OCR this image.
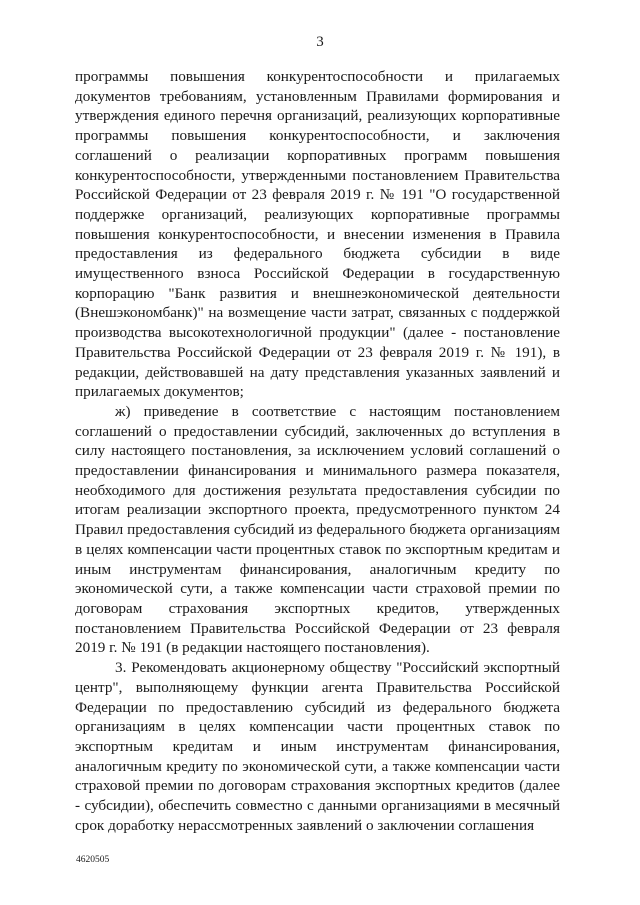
3

программы повышения конкурентоспособности и прилагаемых документов требованиям, установленным Правилами формирования и утверждения единого перечня организаций, реализующих корпоративные программы повышения конкурентоспособности, и заключения соглашений о реализации корпоративных программ повышения конкурентоспособности, утвержденными постановлением Правительства Российской Федерации от 23 февраля 2019 г. № 191 "О государственной поддержке организаций, реализующих корпоративные программы повышения конкурентоспособности, и внесении изменения в Правила предоставления из федерального бюджета субсидии в виде имущественного взноса Российской Федерации в государственную корпорацию "Банк развития и внешнеэкономической деятельности (Внешэкономбанк)" на возмещение части затрат, связанных с поддержкой производства высокотехнологичной продукции" (далее - постановление Правительства Российской Федерации от 23 февраля 2019 г. № 191), в редакции, действовавшей на дату представления указанных заявлений и прилагаемых документов;

ж) приведение в соответствие с настоящим постановлением соглашений о предоставлении субсидий, заключенных до вступления в силу настоящего постановления, за исключением условий соглашений о предоставлении финансирования и минимального размера показателя, необходимого для достижения результата предоставления субсидии по итогам реализации экспортного проекта, предусмотренного пунктом 24 Правил предоставления субсидий из федерального бюджета организациям в целях компенсации части процентных ставок по экспортным кредитам и иным инструментам финансирования, аналогичным кредиту по экономической сути, а также компенсации части страховой премии по договорам страхования экспортных кредитов, утвержденных постановлением Правительства Российской Федерации от 23 февраля 2019 г. № 191 (в редакции настоящего постановления).

3. Рекомендовать акционерному обществу "Российский экспортный центр", выполняющему функции агента Правительства Российской Федерации по предоставлению субсидий из федерального бюджета организациям в целях компенсации части процентных ставок по экспортным кредитам и иным инструментам финансирования, аналогичным кредиту по экономической сути, а также компенсации части страховой премии по договорам страхования экспортных кредитов (далее - субсидии), обеспечить совместно с данными организациями в месячный срок доработку нерассмотренных заявлений о заключении соглашения

4620505
